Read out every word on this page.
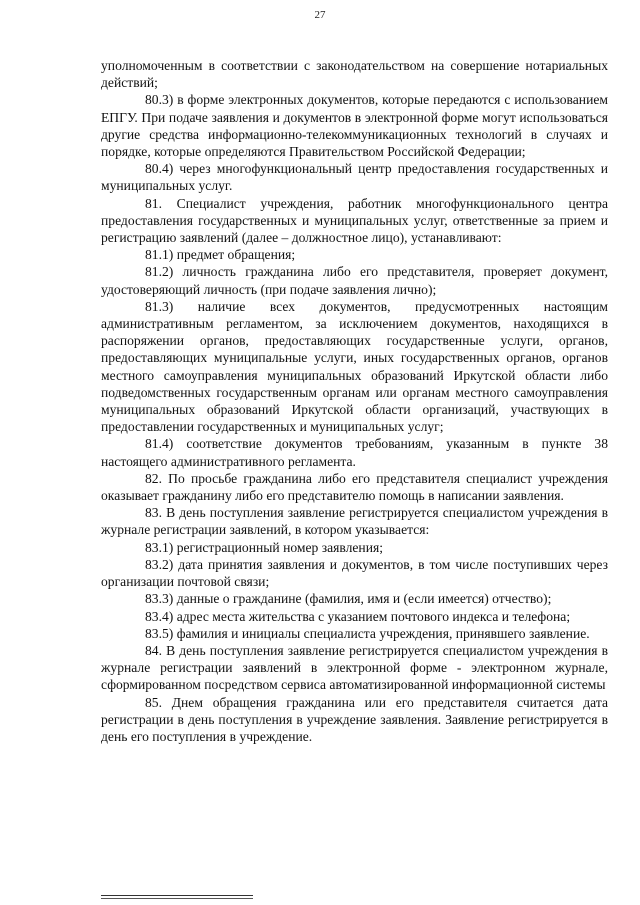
27

уполномоченным в соответствии с законодательством на совершение нотариальных действий;

80.3) в форме электронных документов, которые передаются с использованием ЕПГУ. При подаче заявления и документов в электронной форме могут использоваться другие средства информационно-телекоммуникационных технологий в случаях и порядке, которые определяются Правительством Российской Федерации;

80.4) через многофункциональный центр предоставления государственных и муниципальных услуг.

81. Специалист учреждения, работник многофункционального центра предоставления государственных и муниципальных услуг, ответственные за прием и регистрацию заявлений (далее – должностное лицо), устанавливают:

81.1) предмет обращения;

81.2) личность гражданина либо его представителя, проверяет документ, удостоверяющий личность (при подаче заявления лично);

81.3) наличие всех документов, предусмотренных настоящим административным регламентом, за исключением документов, находящихся в распоряжении органов, предоставляющих государственные услуги, органов, предоставляющих муниципальные услуги, иных государственных органов, органов местного самоуправления муниципальных образований Иркутской области либо подведомственных государственным органам или органам местного самоуправления муниципальных образований Иркутской области организаций, участвующих в предоставлении государственных и муниципальных услуг;

81.4) соответствие документов требованиям, указанным в пункте 38 настоящего административного регламента.

82. По просьбе гражданина либо его представителя специалист учреждения оказывает гражданину либо его представителю помощь в написании заявления.

83. В день поступления заявление регистрируется специалистом учреждения в журнале регистрации заявлений, в котором указывается:

83.1) регистрационный номер заявления;

83.2) дата принятия заявления и документов, в том числе поступивших через организации почтовой связи;

83.3) данные о гражданине (фамилия, имя и (если имеется) отчество);

83.4) адрес места жительства с указанием почтового индекса и телефона;

83.5) фамилия и инициалы специалиста учреждения, принявшего заявление.

84. В день поступления заявление регистрируется специалистом учреждения в журнале регистрации заявлений в электронной форме - электронном журнале, сформированном посредством сервиса автоматизированной информационной системы

85. Днем обращения гражданина или его представителя считается дата регистрации в день поступления в учреждение заявления. Заявление регистрируется в день его поступления в учреждение.
